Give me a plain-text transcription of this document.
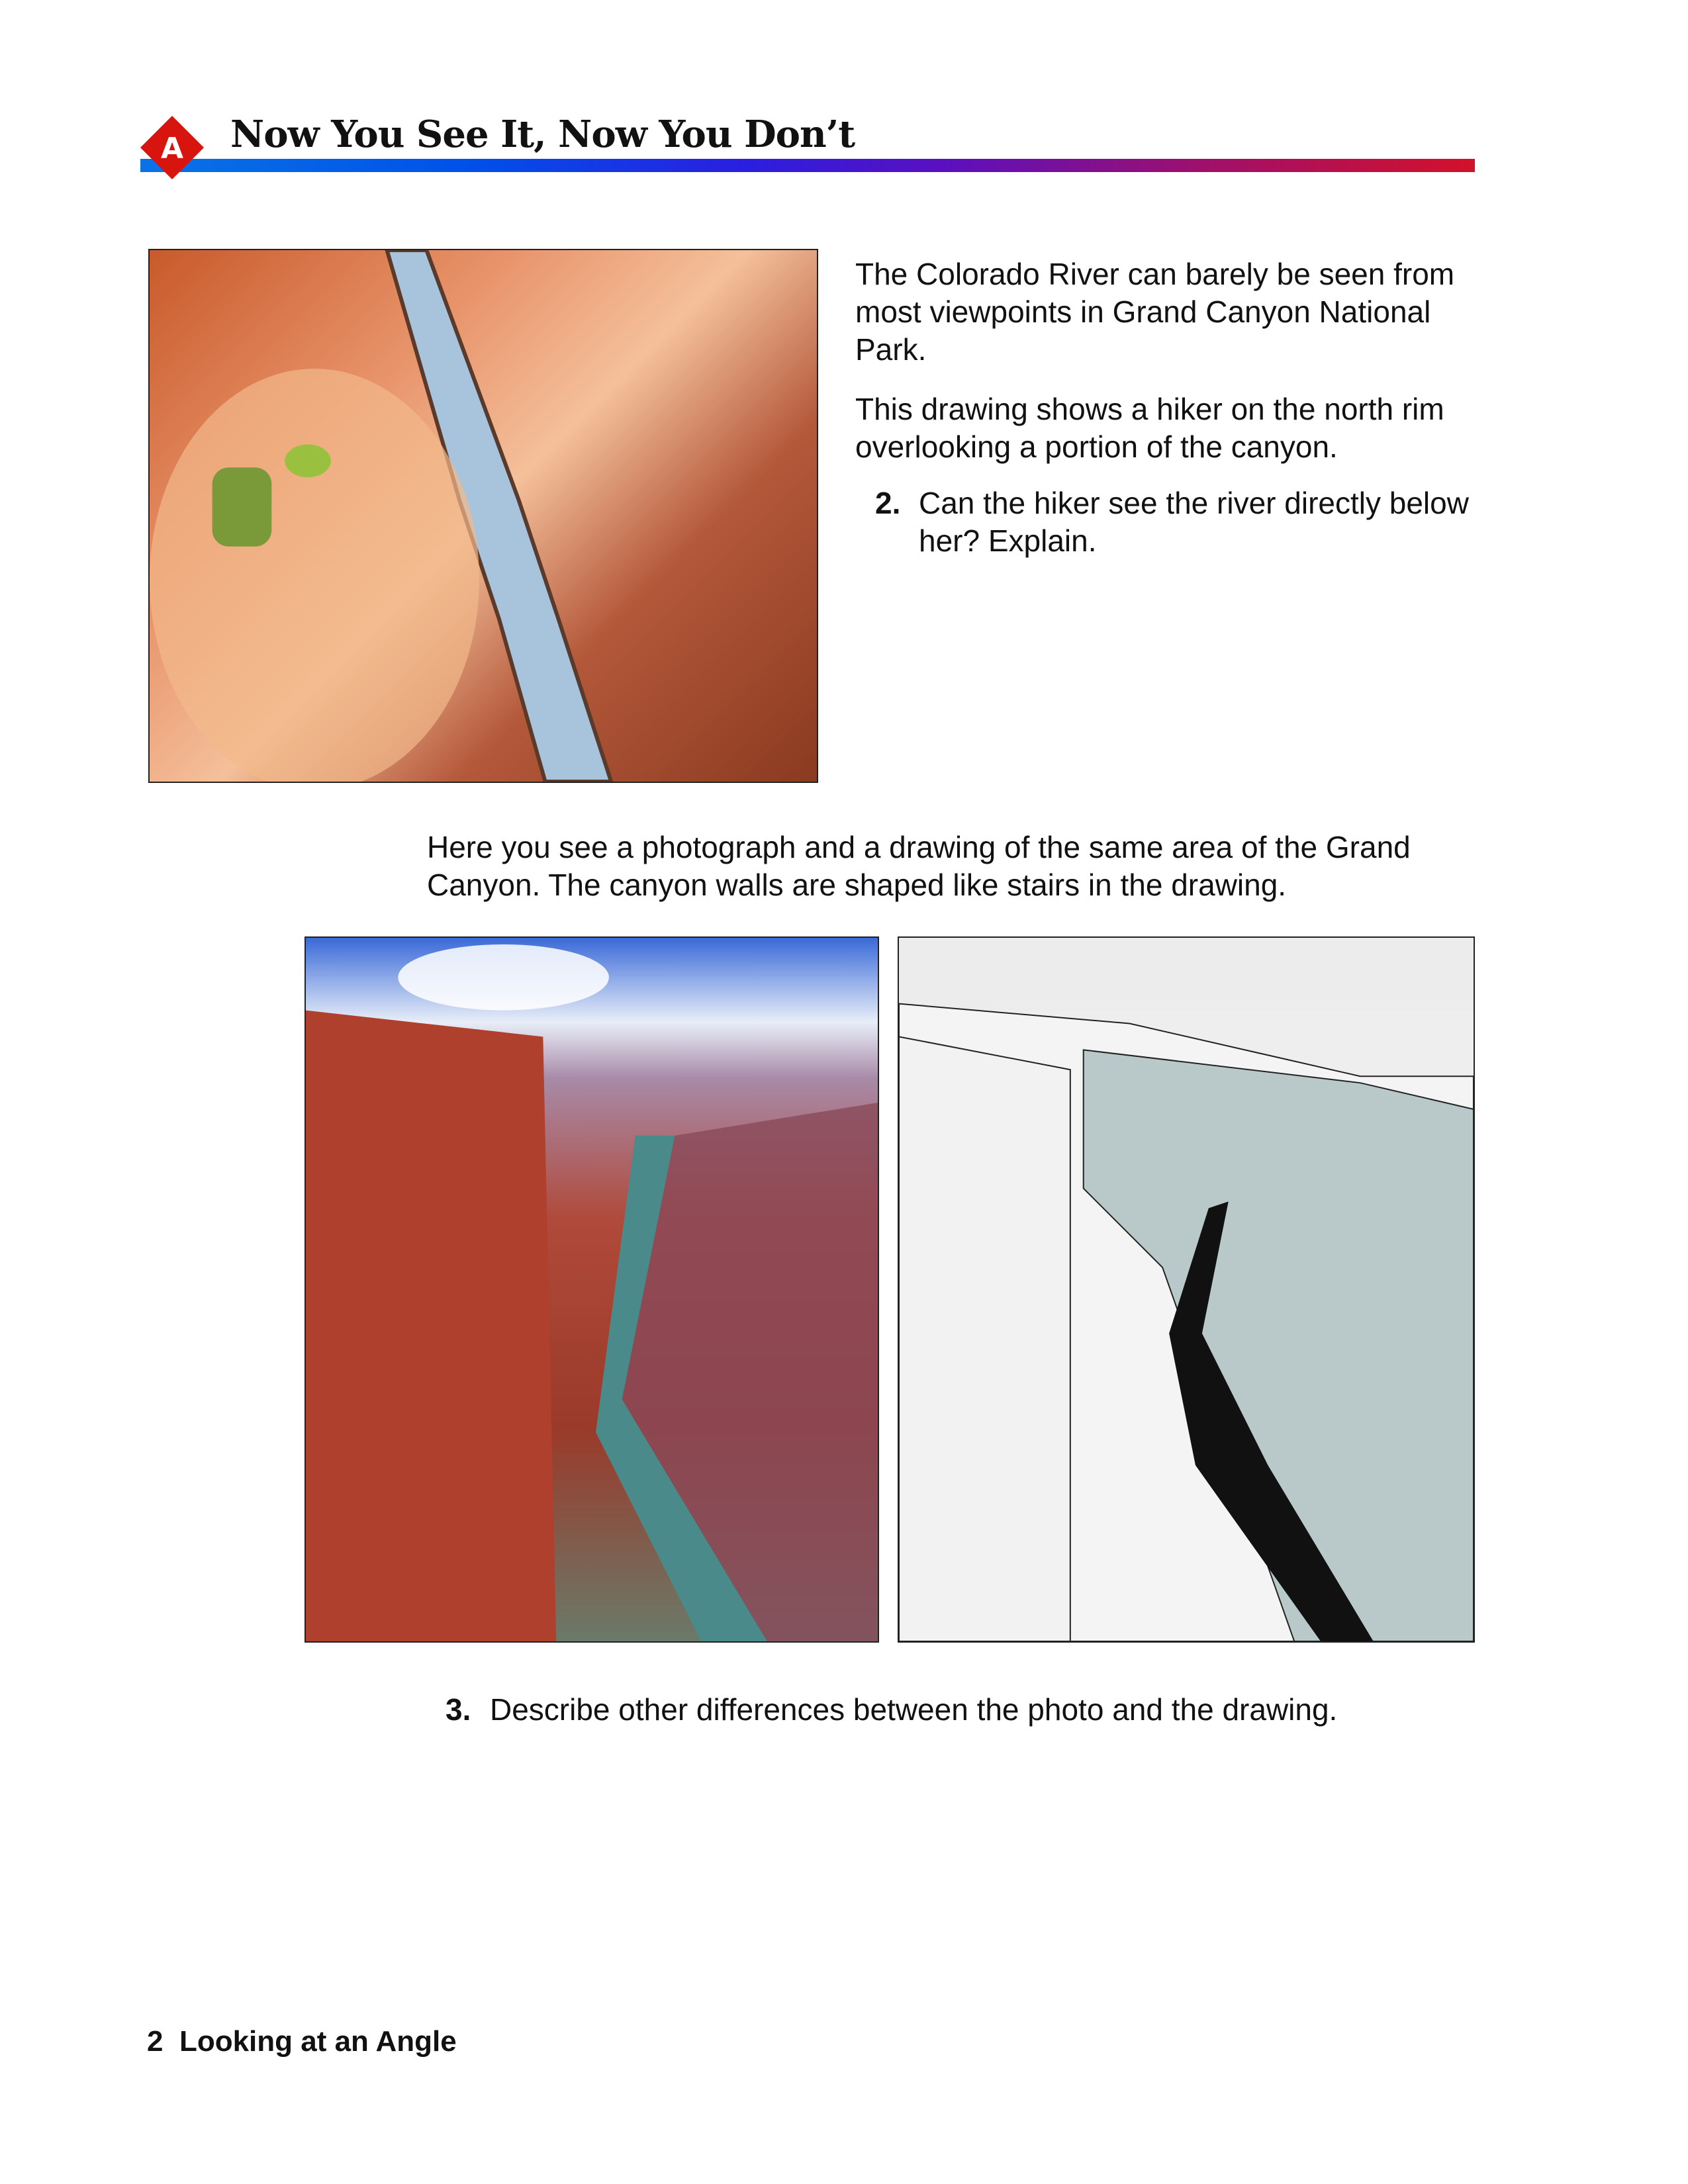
A Now You See It, Now You Don’t
The Colorado River can barely be seen from most viewpoints in Grand Canyon National Park.
This drawing shows a hiker on the north rim overlooking a portion of the canyon.
2. Can the hiker see the river directly below her? Explain.
Here you see a photograph and a drawing of the same area of the Grand Canyon. The canyon walls are shaped like stairs in the drawing.
3. Describe other differences between the photo and the drawing.
2 Looking at an Angle
